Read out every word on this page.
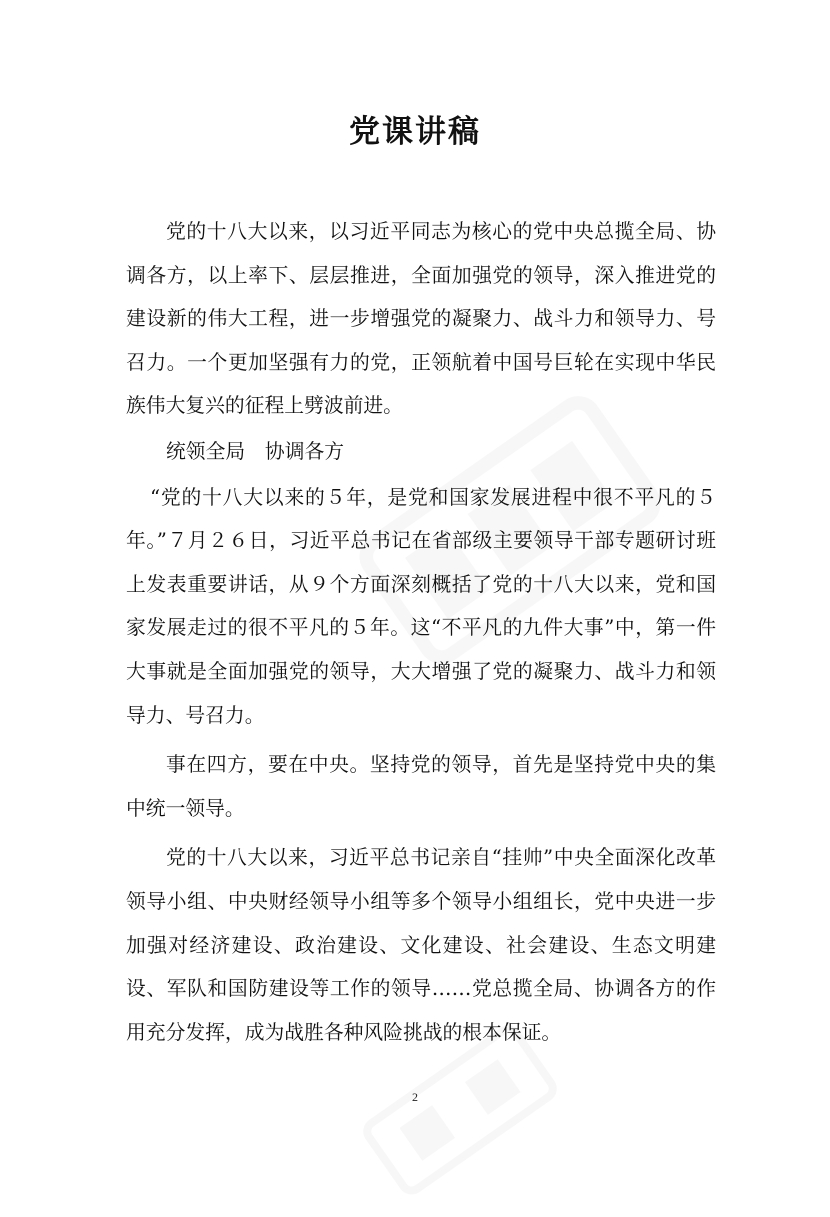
党课讲稿

党的十八大以来，以习近平同志为核心的党中央总揽全局、协调各方，以上率下、层层推进，全面加强党的领导，深入推进党的建设新的伟大工程，进一步增强党的凝聚力、战斗力和领导力、号召力。一个更加坚强有力的党，正领航着中国号巨轮在实现中华民族伟大复兴的征程上劈波前进。

统领全局　协调各方

“党的十八大以来的５年，是党和国家发展进程中很不平凡的５年。”７月２６日，习近平总书记在省部级主要领导干部专题研讨班上发表重要讲话，从９个方面深刻概括了党的十八大以来，党和国家发展走过的很不平凡的５年。这“不平凡的九件大事”中，第一件大事就是全面加强党的领导，大大增强了党的凝聚力、战斗力和领导力、号召力。

事在四方，要在中央。坚持党的领导，首先是坚持党中央的集中统一领导。

党的十八大以来，习近平总书记亲自“挂帅”中央全面深化改革领导小组、中央财经领导小组等多个领导小组组长，党中央进一步加强对经济建设、政治建设、文化建设、社会建设、生态文明建设、军队和国防建设等工作的领导……党总揽全局、协调各方的作用充分发挥，成为战胜各种风险挑战的根本保证。

2
